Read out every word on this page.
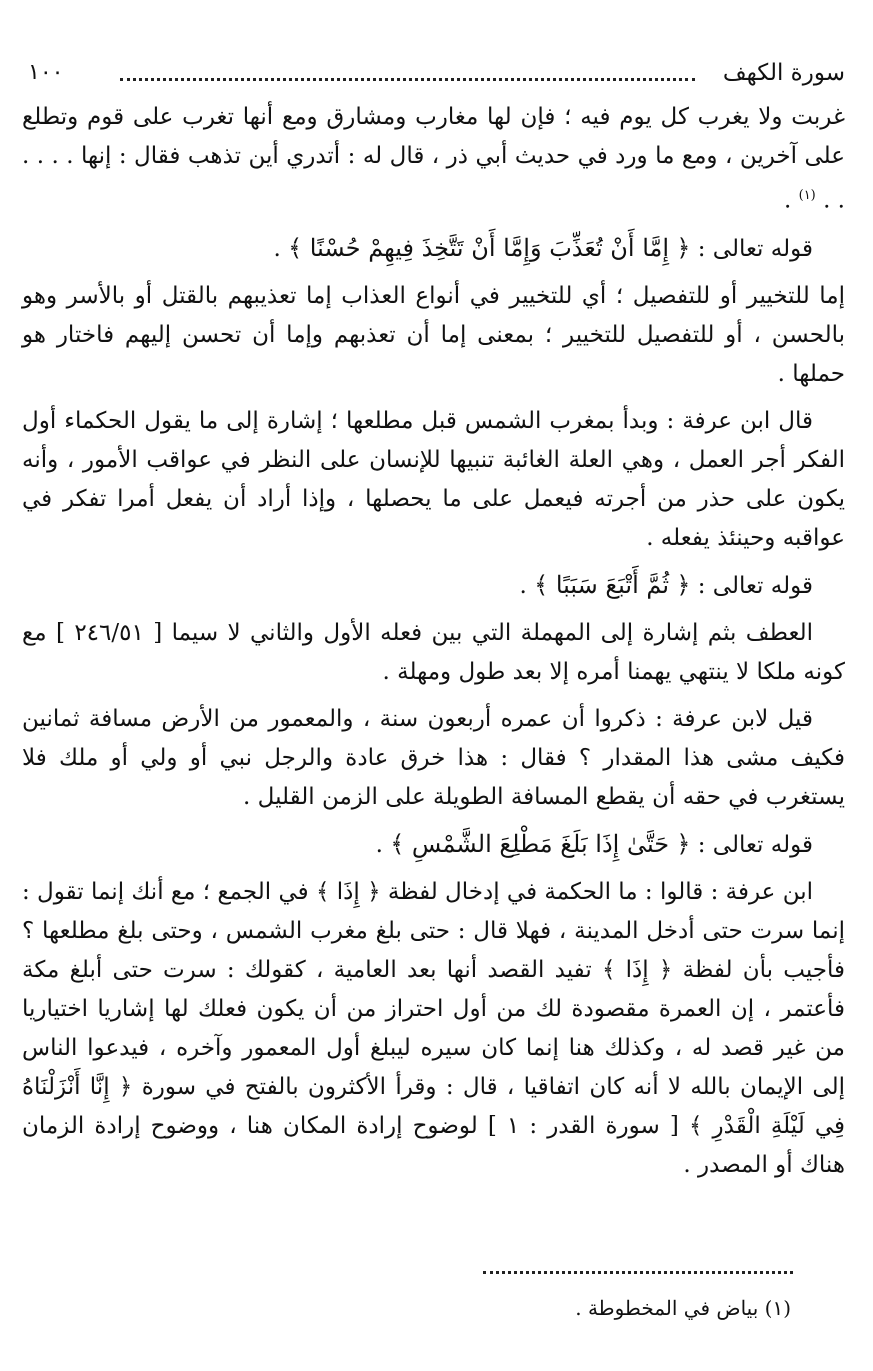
سورة الكهف
١٠٠

غربت ولا يغرب كل يوم فيه ؛ فإن لها مغارب ومشارق ومع أنها تغرب على قوم وتطلع على آخرين ، ومع ما ورد في حديث أبي ذر ، قال له : أتدري أين تذهب فقال : إنها . . . . . . $^{(١)}$ .

قوله تعالى : ﴿ إِمَّا أَنْ تُعَذِّبَ وَإِمَّا أَنْ تَتَّخِذَ فِيهِمْ حُسْنًا ﴾ .

إما للتخيير أو للتفصيل ؛ أي للتخيير في أنواع العذاب إما تعذيبهم بالقتل أو بالأسر وهو بالحسن ، أو للتفصيل للتخيير ؛ بمعنى إما أن تعذبهم وإما أن تحسن إليهم فاختار هو حملها .

قال ابن عرفة : وبدأ بمغرب الشمس قبل مطلعها ؛ إشارة إلى ما يقول الحكماء أول الفكر أجر العمل ، وهي العلة الغائبة تنبيها للإنسان على النظر في عواقب الأمور ، وأنه يكون على حذر من أجرته فيعمل على ما يحصلها ، وإذا أراد أن يفعل أمرا تفكر في عواقبه وحينئذ يفعله .

قوله تعالى : ﴿ ثُمَّ أَتْبَعَ سَبَبًا ﴾ .

العطف بثم إشارة إلى المهملة التي بين فعله الأول والثاني لا سيما [ ٢٤٦/٥١ ] مع كونه ملكا لا ينتهي يهمنا أمره إلا بعد طول ومهلة .

قيل لابن عرفة : ذكروا أن عمره أربعون سنة ، والمعمور من الأرض مسافة ثمانين فكيف مشى هذا المقدار ؟ فقال : هذا خرق عادة والرجل نبي أو ولي أو ملك فلا يستغرب في حقه أن يقطع المسافة الطويلة على الزمن القليل .

قوله تعالى : ﴿ حَتَّىٰ إِذَا بَلَغَ مَطْلِعَ الشَّمْسِ ﴾ .

ابن عرفة : قالوا : ما الحكمة في إدخال لفظة ﴿ إِذَا ﴾ في الجمع ؛ مع أنك إنما تقول : إنما سرت حتى أدخل المدينة ، فهلا قال : حتى بلغ مغرب الشمس ، وحتى بلغ مطلعها ؟ فأجيب بأن لفظة ﴿ إِذَا ﴾ تفيد القصد أنها بعد العامية ، كقولك : سرت حتى أبلغ مكة فأعتمر ، إن العمرة مقصودة لك من أول احتراز من أن يكون فعلك لها إشاريا اختياريا من غير قصد له ، وكذلك هنا إنما كان سيره ليبلغ أول المعمور وآخره ، فيدعوا الناس إلى الإيمان بالله لا أنه كان اتفاقيا ، قال : وقرأ الأكثرون بالفتح في سورة ﴿ إِنَّا أَنْزَلْنَاهُ فِي لَيْلَةِ الْقَدْرِ ﴾ [ سورة القدر : ١ ] لوضوح إرادة المكان هنا ، ووضوح إرادة الزمان هناك أو المصدر .

(١) بياض في المخطوطة .
